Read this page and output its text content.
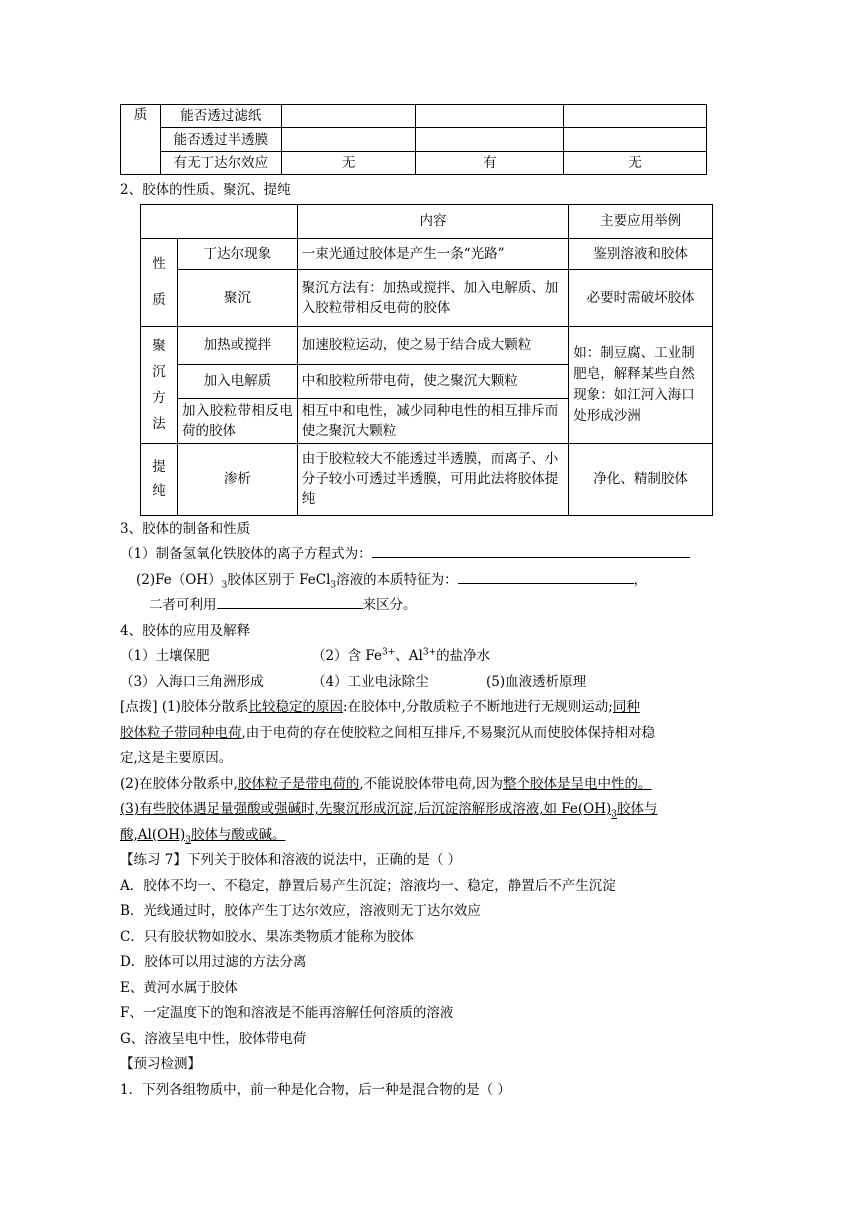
质	能否透过滤纸			
	能否透过半透膜			
	有无丁达尔效应	无	有	无
2、胶体的性质、聚沉、提纯
		内容	主要应用举例
性质	丁达尔现象	一束光通过胶体是产生一条“光路”	鉴别溶液和胶体
	聚沉	聚沉方法有：加热或搅拌、加入电解质、加入胶粒带相反电荷的胶体	必要时需破坏胶体
聚沉方法	加热或搅拌	加速胶粒运动，使之易于结合成大颗粒	如：制豆腐、工业制肥皂，解释某些自然现象：如江河入海口处形成沙洲
	加入电解质	中和胶粒所带电荷，使之聚沉大颗粒	
	加入胶粒带相反电荷的胶体	相互中和电性，减少同种电性的相互排斥而使之聚沉大颗粒	
提纯	渗析	由于胶粒较大不能透过半透膜，而离子、小分子较小可透过半透膜，可用此法将胶体提纯	净化、精制胶体
3、胶体的制备和性质
（1）制备氢氧化铁胶体的离子方程式为：
$(2)Fe(OH)_3$胶体区别于 FeCl$_3$溶液的本质特征为：	，
二者可利用	来区分。
4、胶体的应用及解释
（1）土壤保肥	（2）含 $Fe^{3+}$、$Al^{3+}$的盐净水
（3）入海口三角洲形成	（4）工业电泳除尘	(5)血液透析原理
[点拨] (1)胶体分散系比较稳定的原因:在胶体中,分散质粒子不断地进行无规则运动;同种
胶体粒子带同种电荷,由于电荷的存在使胶粒之间相互排斥,不易聚沉从而使胶体保持相对稳
定,这是主要原因。
(2)在胶体分散系中,胶体粒子是带电荷的,不能说胶体带电荷,因为整个胶体是呈电中性的。
(3)有些胶体遇足量强酸或强碱时,先聚沉形成沉淀,后沉淀溶解形成溶液,如 $Fe(OH)_3$胶体与
酸$,Al(OH)_3$胶体与酸或碱。
【练习 7】下列关于胶体和溶液的说法中，正确的是（ ）
A．胶体不均一、不稳定，静置后易产生沉淀；溶液均一、稳定，静置后不产生沉淀
B．光线通过时，胶体产生丁达尔效应，溶液则无丁达尔效应
C．只有胶状物如胶水、果冻类物质才能称为胶体
D．胶体可以用过滤的方法分离
E、黄河水属于胶体
F、一定温度下的饱和溶液是不能再溶解任何溶质的溶液
G、溶液呈电中性，胶体带电荷
【预习检测】
1．下列各组物质中，前一种是化合物，后一种是混合物的是（ ）
